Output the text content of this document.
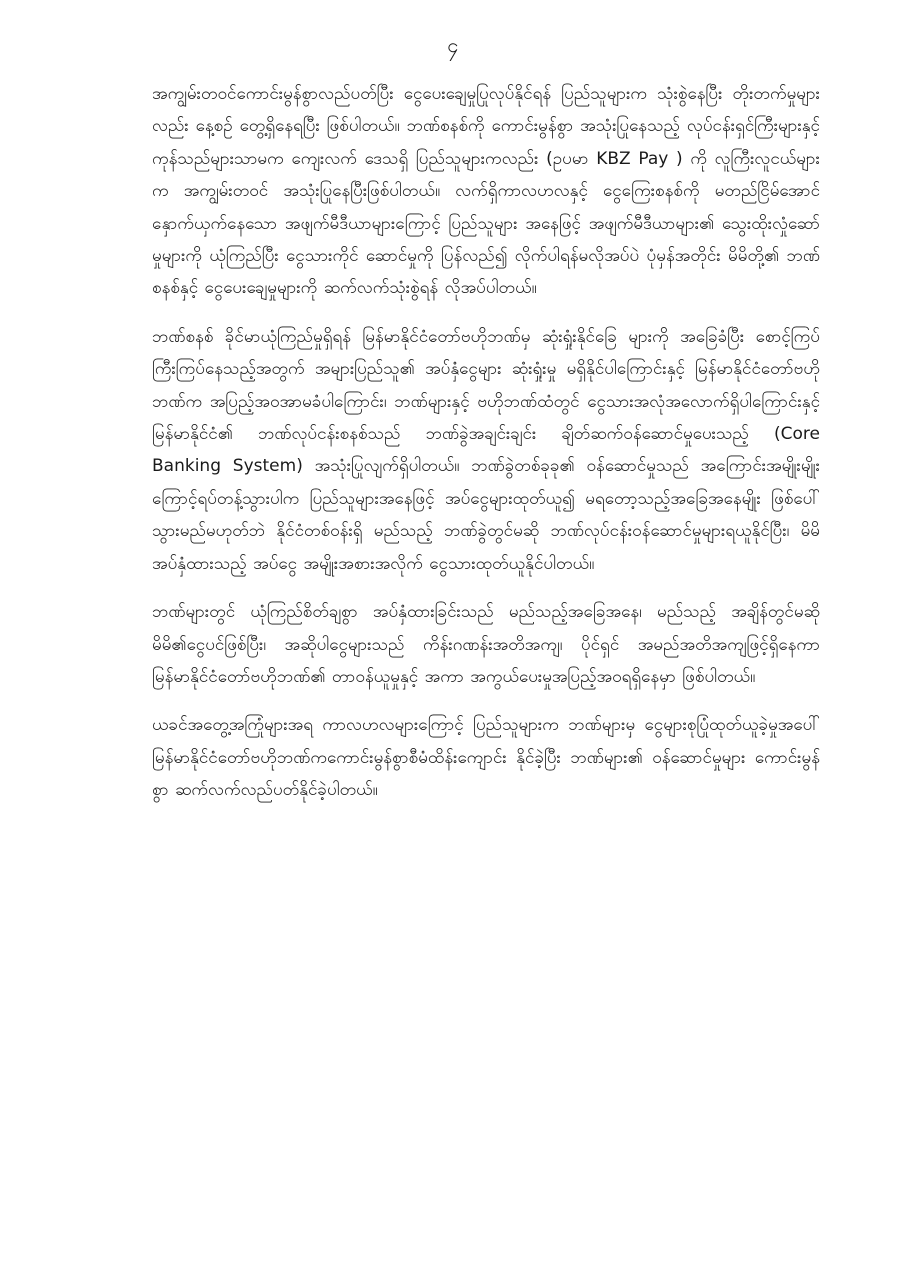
၄

အကျွမ်းတဝင်ကောင်းမွန်စွာလည်ပတ်ပြီး ငွေပေးချေမှုပြုလုပ်နိုင်ရန် ပြည်သူများက သုံးစွဲနေပြီး တိုးတက်မှုများလည်း နေ့စဉ် တွေ့ရှိနေရပြီး ဖြစ်ပါတယ်။ ဘဏ်စနစ်ကို ကောင်းမွန်စွာ အသုံးပြုနေသည့် လုပ်ငန်းရှင်ကြီးများနှင့် ကုန်သည်များသာမက ကျေးလက် ဒေသရှိ ပြည်သူများကလည်း (ဥပမာ KBZ Pay ) ကို လူကြီးလူငယ်များက အကျွမ်းတဝင် အသုံးပြုနေပြီးဖြစ်ပါတယ်။ လက်ရှိကာလဟလနှင့် ငွေကြေးစနစ်ကို မတည်ငြိမ်အောင် နှောက်ယှက်နေသော အဖျက်မီဒီယာများကြောင့် ပြည်သူများ အနေဖြင့် အဖျက်မီဒီယာများ၏ သွေးထိုးလှုံဆော်မှုများကို ယုံကြည်ပြီး ငွေသားကိုင် ဆောင်မှုကို ပြန်လည်၍ လိုက်ပါရန်မလိုအပ်ပဲ ပုံမှန်အတိုင်း မိမိတို့၏ ဘဏ်စနစ်နှင့် ငွေပေးချေမှုများကို ဆက်လက်သုံးစွဲရန် လိုအပ်ပါတယ်။

ဘဏ်စနစ် ခိုင်မာယုံကြည်မှုရှိရန် မြန်မာနိုင်ငံတော်ဗဟိုဘဏ်မှ ဆုံးရှုံးနိုင်ခြေ များကို အခြေခံပြီး စောင့်ကြပ်ကြီးကြပ်နေသည့်အတွက် အများပြည်သူ၏ အပ်နှံငွေများ ဆုံးရှုံးမှု မရှိနိုင်ပါကြောင်းနှင့် မြန်မာနိုင်ငံတော်ဗဟိုဘဏ်က အပြည့်အဝအာမခံပါကြောင်း၊ ဘဏ်များနှင့် ဗဟိုဘဏ်ထံတွင် ငွေသားအလုံအလောက်ရှိပါကြောင်းနှင့် မြန်မာနိုင်ငံ၏ ဘဏ်လုပ်ငန်းစနစ်သည် ဘဏ်ခွဲအချင်းချင်း ချိတ်ဆက်ဝန်ဆောင်မှုပေးသည့် (Core Banking System) အသုံးပြုလျက်ရှိပါတယ်။ ဘဏ်ခွဲတစ်ခုခု၏ ဝန်ဆောင်မှုသည် အကြောင်းအမျိုးမျိုးကြောင့်ရပ်တန့်သွားပါက ပြည်သူများအနေဖြင့် အပ်ငွေများထုတ်ယူ၍ မရတော့သည့်အခြေအနေမျိုး ဖြစ်ပေါ်သွားမည်မဟုတ်ဘဲ နိုင်ငံတစ်ဝန်းရှိ မည်သည့် ဘဏ်ခွဲတွင်မဆို ဘဏ်လုပ်ငန်းဝန်ဆောင်မှုများရယူနိုင်ပြီး၊ မိမိအပ်နှံထားသည့် အပ်ငွေ အမျိုးအစားအလိုက် ငွေသားထုတ်ယူနိုင်ပါတယ်။

ဘဏ်များတွင် ယုံကြည်စိတ်ချစွာ အပ်နှံထားခြင်းသည် မည်သည့်အခြေအနေ၊ မည်သည့် အချိန်တွင်မဆို မိမိ၏ငွေပင်ဖြစ်ပြီး၊ အဆိုပါငွေများသည် ကိန်းဂဏန်းအတိအကျ၊ ပိုင်ရှင် အမည်အတိအကျဖြင့်ရှိနေကာ မြန်မာနိုင်ငံတော်ဗဟိုဘဏ်၏ တာဝန်ယူမှုနှင့် အကာ အကွယ်ပေးမှုအပြည့်အဝရရှိနေမှာ ဖြစ်ပါတယ်။

ယခင်အတွေ့အကြုံများအရ ကာလဟလများကြောင့် ပြည်သူများက ဘဏ်များမှ ငွေများစုပြုံထုတ်ယူခဲ့မှုအပေါ် မြန်မာနိုင်ငံတော်ဗဟိုဘဏ်ကကောင်းမွန်စွာစီမံထိန်းကျောင်း နိုင်ခဲ့ပြီး ဘဏ်များ၏ ဝန်ဆောင်မှုများ ကောင်းမွန်စွာ ဆက်လက်လည်ပတ်နိုင်ခဲ့ပါတယ်။
